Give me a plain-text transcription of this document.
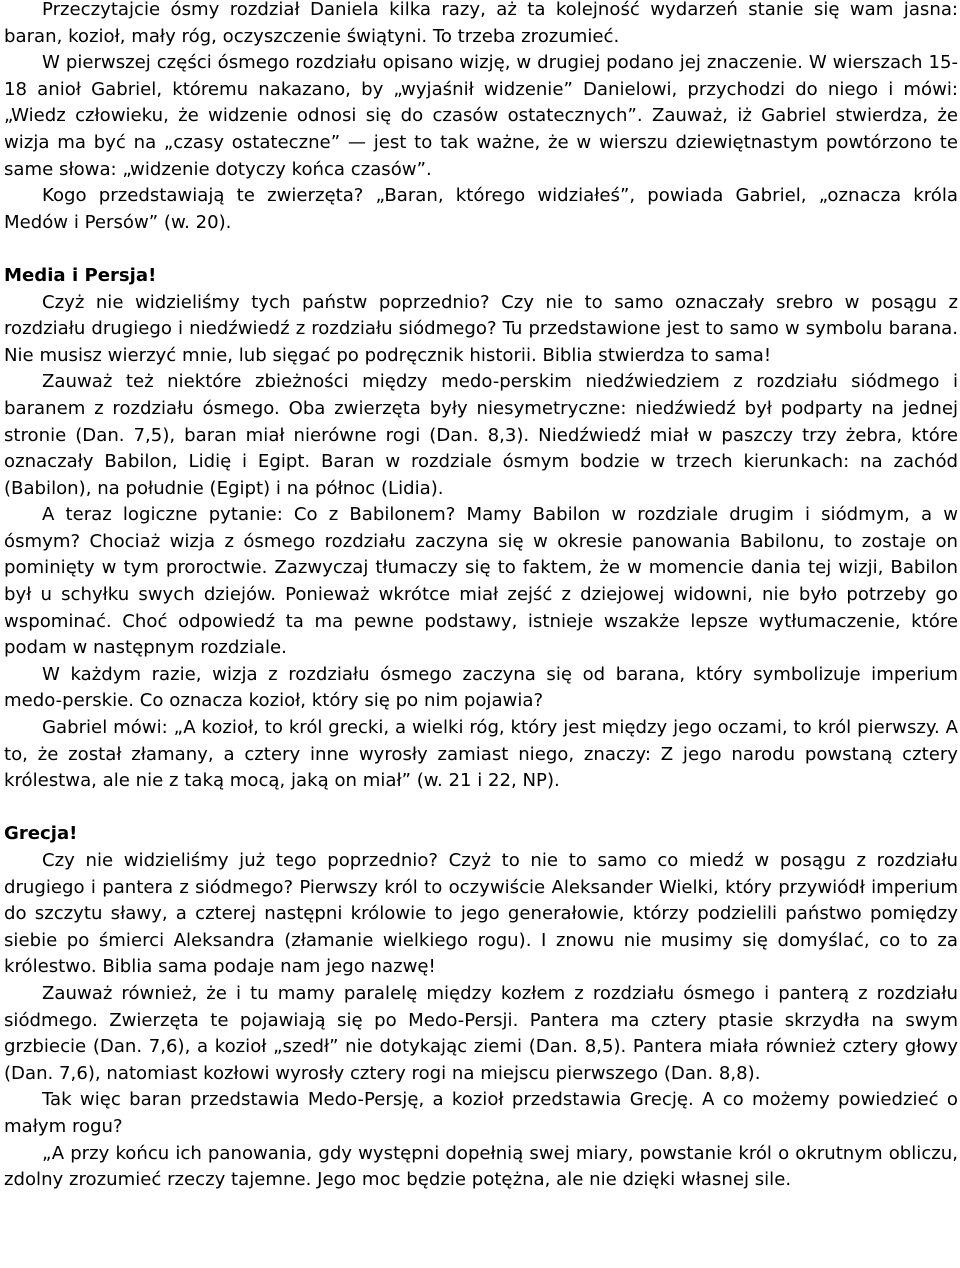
Przeczytajcie ósmy rozdział Daniela kilka razy, aż ta kolejność wydarzeń stanie się wam jasna: baran, kozioł, mały róg, oczyszczenie świątyni. To trzeba zrozumieć.

W pierwszej części ósmego rozdziału opisano wizję, w drugiej podano jej znaczenie. W wierszach 15-18 anioł Gabriel, któremu nakazano, by „wyjaśnił widzenie” Danielowi, przychodzi do niego i mówi: „Wiedz człowieku, że widzenie odnosi się do czasów ostatecznych”. Zauważ, iż Gabriel stwierdza, że wizja ma być na „czasy ostateczne” — jest to tak ważne, że w wierszu dziewiętnastym powtórzono te same słowa: „widzenie dotyczy końca czasów”.

Kogo przedstawiają te zwierzęta? „Baran, którego widziałeś”, powiada Gabriel, „oznacza króla Medów i Persów” (w. 20).

Media i Persja!

Czyż nie widzieliśmy tych państw poprzednio? Czy nie to samo oznaczały srebro w posągu z rozdziału drugiego i niedźwiedź z rozdziału siódmego? Tu przedstawione jest to samo w symbolu barana. Nie musisz wierzyć mnie, lub sięgać po podręcznik historii. Biblia stwierdza to sama!

Zauważ też niektóre zbieżności między medo-perskim niedźwiedziem z rozdziału siódmego i baranem z rozdziału ósmego. Oba zwierzęta były niesymetryczne: niedźwiedź był podparty na jednej stronie (Dan. 7,5), baran miał nierówne rogi (Dan. 8,3). Niedźwiedź miał w paszczy trzy żebra, które oznaczały Babilon, Lidię i Egipt. Baran w rozdziale ósmym bodzie w trzech kierunkach: na zachód (Babilon), na południe (Egipt) i na północ (Lidia).

A teraz logiczne pytanie: Co z Babilonem? Mamy Babilon w rozdziale drugim i siódmym, a w ósmym? Chociaż wizja z ósmego rozdziału zaczyna się w okresie panowania Babilonu, to zostaje on pominięty w tym proroctwie. Zazwyczaj tłumaczy się to faktem, że w momencie dania tej wizji, Babilon był u schyłku swych dziejów. Ponieważ wkrótce miał zejść z dziejowej widowni, nie było potrzeby go wspominać. Choć odpowiedź ta ma pewne podstawy, istnieje wszakże lepsze wytłumaczenie, które podam w następnym rozdziale.

W każdym razie, wizja z rozdziału ósmego zaczyna się od barana, który symbolizuje imperium medo-perskie. Co oznacza kozioł, który się po nim pojawia?

Gabriel mówi: „A kozioł, to król grecki, a wielki róg, który jest między jego oczami, to król pierwszy. A to, że został złamany, a cztery inne wyrosły zamiast niego, znaczy: Z jego narodu powstaną cztery królestwa, ale nie z taką mocą, jaką on miał” (w. 21 i 22, NP).

Grecja!

Czy nie widzieliśmy już tego poprzednio? Czyż to nie to samo co miedź w posągu z rozdziału drugiego i pantera z siódmego? Pierwszy król to oczywiście Aleksander Wielki, który przywiódł imperium do szczytu sławy, a czterej następni królowie to jego generałowie, którzy podzielili państwo pomiędzy siebie po śmierci Aleksandra (złamanie wielkiego rogu). I znowu nie musimy się domyślać, co to za królestwo. Biblia sama podaje nam jego nazwę!

Zauważ również, że i tu mamy paralelę między kozłem z rozdziału ósmego i panterą z rozdziału siódmego. Zwierzęta te pojawiają się po Medo-Persji. Pantera ma cztery ptasie skrzydła na swym grzbiecie (Dan. 7,6), a kozioł „szedł” nie dotykając ziemi (Dan. 8,5). Pantera miała również cztery głowy (Dan. 7,6), natomiast kozłowi wyrosły cztery rogi na miejscu pierwszego (Dan. 8,8).

Tak więc baran przedstawia Medo-Persję, a kozioł przedstawia Grecję. A co możemy powiedzieć o małym rogu?

„A przy końcu ich panowania, gdy występni dopełnią swej miary, powstanie król o okrutnym obliczu, zdolny zrozumieć rzeczy tajemne. Jego moc będzie potężna, ale nie dzięki własnej sile.
